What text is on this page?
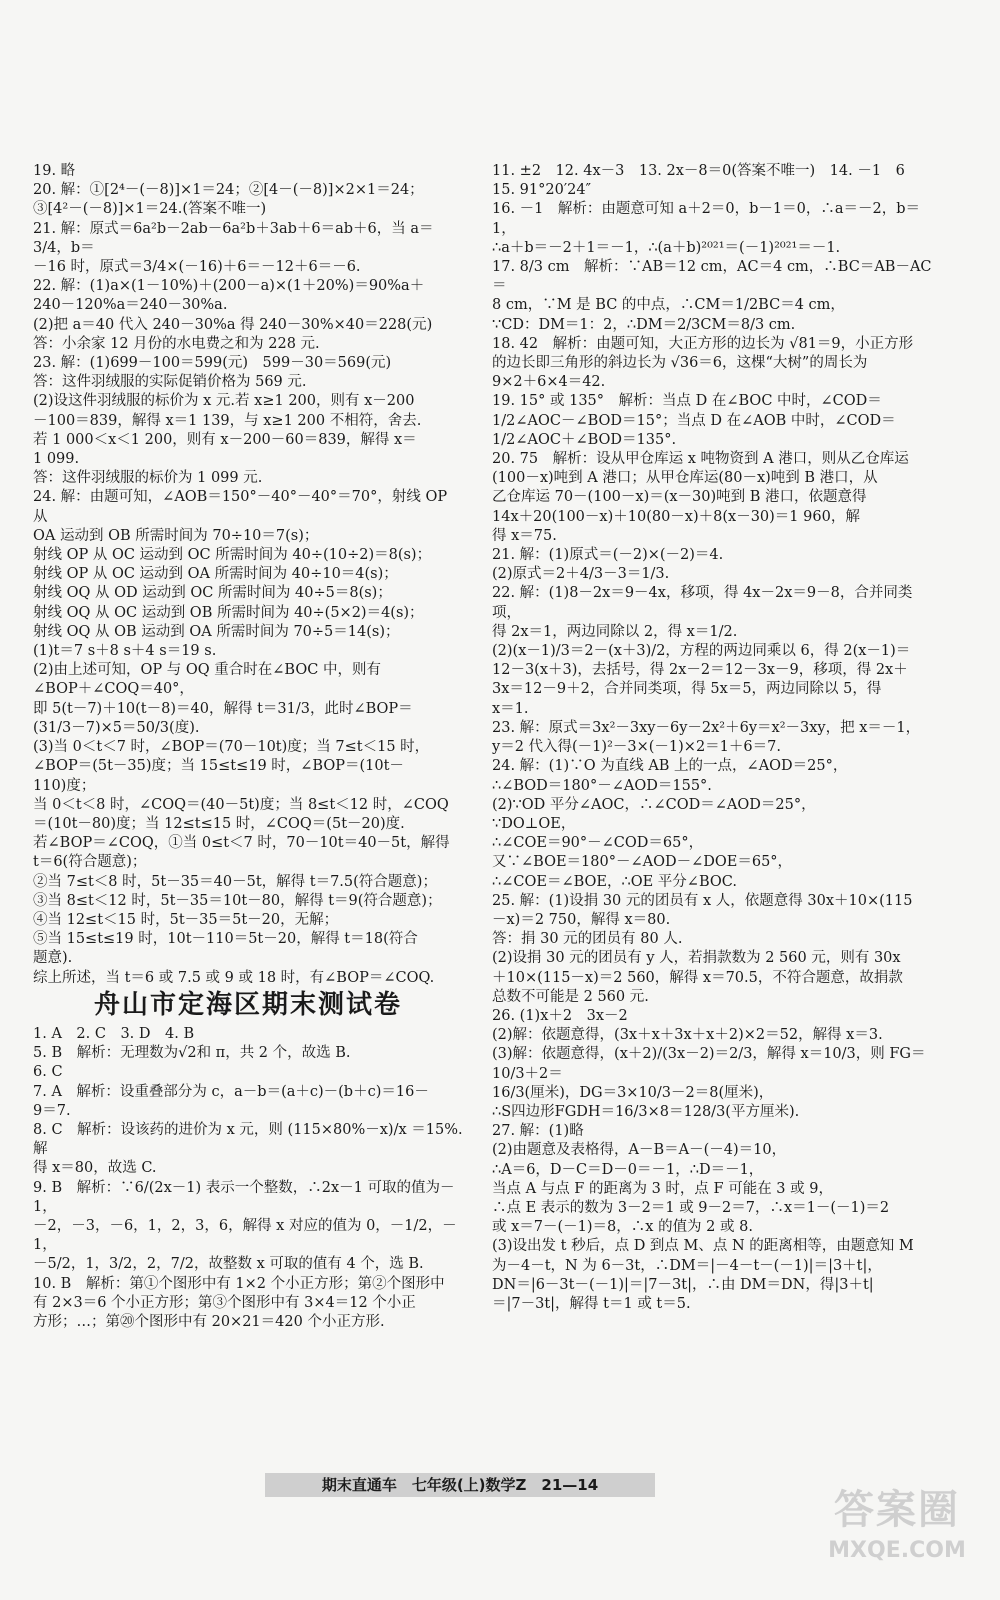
19. 略
20. 解：①[2⁴－(－8)]×1＝24；②[4－(－8)]×2×1＝24；
③[4²－(－8)]×1＝24.(答案不唯一)
21. 解：原式＝6a²b－2ab－6a²b＋3ab＋6＝ab＋6，当 a＝3/4，b＝
－16 时，原式＝3/4×(－16)＋6＝－12＋6＝－6.
22. 解：(1)a×(1－10%)＋(200－a)×(1＋20%)＝90%a＋
240－120%a＝240－30%a.
(2)把 a＝40 代入 240－30%a 得 240－30%×40＝228(元)
答：小余家 12 月份的水电费之和为 228 元.
23. 解：(1)699－100＝599(元)　599－30＝569(元)
答：这件羽绒服的实际促销价格为 569 元.
(2)设这件羽绒服的标价为 x 元.若 x≥1 200，则有 x－200
－100＝839，解得 x＝1 139，与 x≥1 200 不相符，舍去.
若 1 000＜x＜1 200，则有 x－200－60＝839，解得 x＝
1 099.
答：这件羽绒服的标价为 1 099 元.
24. 解：由题可知，∠AOB＝150°－40°－40°＝70°，射线 OP 从
OA 运动到 OB 所需时间为 70÷10＝7(s)；
射线 OP 从 OC 运动到 OC 所需时间为 40÷(10÷2)＝8(s)；
射线 OP 从 OC 运动到 OA 所需时间为 40÷10＝4(s)；
射线 OQ 从 OD 运动到 OC 所需时间为 40÷5＝8(s)；
射线 OQ 从 OC 运动到 OB 所需时间为 40÷(5×2)＝4(s)；
射线 OQ 从 OB 运动到 OA 所需时间为 70÷5＝14(s)；
(1)t＝7 s＋8 s＋4 s＝19 s.
(2)由上述可知，OP 与 OQ 重合时在∠BOC 中，则有
∠BOP＋∠COQ＝40°，
即 5(t－7)＋10(t－8)＝40，解得 t＝31/3，此时∠BOP＝
(31/3－7)×5＝50/3(度).
(3)当 0＜t＜7 时，∠BOP＝(70－10t)度；当 7≤t＜15 时，
∠BOP＝(5t－35)度；当 15≤t≤19 时，∠BOP＝(10t－
110)度；
当 0＜t＜8 时，∠COQ＝(40－5t)度；当 8≤t＜12 时，∠COQ
＝(10t－80)度；当 12≤t≤15 时，∠COQ＝(5t－20)度.
若∠BOP＝∠COQ，①当 0≤t＜7 时，70－10t＝40－5t，解得
t＝6(符合题意)；
②当 7≤t＜8 时，5t－35＝40－5t，解得 t＝7.5(符合题意)；
③当 8≤t＜12 时，5t－35＝10t－80，解得 t＝9(符合题意)；
④当 12≤t＜15 时，5t－35＝5t－20，无解；
⑤当 15≤t≤19 时，10t－110＝5t－20，解得 t＝18(符合
题意).
综上所述，当 t＝6 或 7.5 或 9 或 18 时，有∠BOP＝∠COQ.
舟山市定海区期末测试卷
1. A　2. C　3. D　4. B
5. B　解析：无理数为√2和 π，共 2 个，故选 B.
6. C
7. A　解析：设重叠部分为 c，a－b＝(a＋c)－(b＋c)＝16－
9＝7.
8. C　解析：设该药的进价为 x 元，则 (115×80%－x)/x ＝15%. 解
得 x＝80，故选 C.
9. B　解析：∵6/(2x－1) 表示一个整数，∴2x－1 可取的值为－1，
－2，－3，－6，1，2，3，6，解得 x 对应的值为 0，－1/2，－1，
－5/2，1，3/2，2，7/2，故整数 x 可取的值有 4 个，选 B.
10. B　解析：第①个图形中有 1×2 个小正方形；第②个图形中
有 2×3＝6 个小正方形；第③个图形中有 3×4＝12 个小正
方形；…；第⑳个图形中有 20×21＝420 个小正方形.
11. ±2　12. 4x－3　13. 2x－8＝0(答案不唯一)　14. －1　6
15. 91°20′24″
16. －1　解析：由题意可知 a＋2＝0，b－1＝0，∴a＝－2，b＝1，
∴a＋b＝－2＋1＝－1，∴(a＋b)²⁰²¹＝(－1)²⁰²¹＝－1.
17. 8/3 cm　解析：∵AB＝12 cm，AC＝4 cm，∴BC＝AB－AC＝
8 cm，∵M 是 BC 的中点，∴CM＝1/2BC＝4 cm，
∵CD：DM＝1：2，∴DM＝2/3CM＝8/3 cm.
18. 42　解析：由题可知，大正方形的边长为 √81＝9，小正方形
的边长即三角形的斜边长为 √36＝6，这棵“大树”的周长为
9×2＋6×4＝42.
19. 15° 或 135°　解析：当点 D 在∠BOC 中时，∠COD＝
1/2∠AOC－∠BOD＝15°；当点 D 在∠AOB 中时，∠COD＝
1/2∠AOC＋∠BOD＝135°.
20. 75　解析：设从甲仓库运 x 吨物资到 A 港口，则从乙仓库运
(100－x)吨到 A 港口；从甲仓库运(80－x)吨到 B 港口，从
乙仓库运 70－(100－x)＝(x－30)吨到 B 港口，依题意得
14x＋20(100－x)＋10(80－x)＋8(x－30)＝1 960，解
得 x＝75.
21. 解：(1)原式＝(－2)×(－2)＝4.
(2)原式＝2＋4/3－3＝1/3.
22. 解：(1)8－2x＝9－4x，移项，得 4x－2x＝9－8，合并同类项，
得 2x＝1，两边同除以 2，得 x＝1/2.
(2)(x－1)/3＝2－(x＋3)/2，方程的两边同乘以 6，得 2(x－1)＝
12－3(x＋3)，去括号，得 2x－2＝12－3x－9，移项，得 2x＋
3x＝12－9＋2，合并同类项，得 5x＝5，两边同除以 5，得
x＝1.
23. 解：原式＝3x²－3xy－6y－2x²＋6y＝x²－3xy，把 x＝－1，
y＝2 代入得(－1)²－3×(－1)×2＝1＋6＝7.
24. 解：(1)∵O 为直线 AB 上的一点，∠AOD＝25°，
∴∠BOD＝180°－∠AOD＝155°.
(2)∵OD 平分∠AOC，∴∠COD＝∠AOD＝25°，
∵DO⊥OE，
∴∠COE＝90°－∠COD＝65°，
又∵∠BOE＝180°－∠AOD－∠DOE＝65°，
∴∠COE＝∠BOE，∴OE 平分∠BOC.
25. 解：(1)设捐 30 元的团员有 x 人，依题意得 30x＋10×(115
－x)＝2 750，解得 x＝80.
答：捐 30 元的团员有 80 人.
(2)设捐 30 元的团员有 y 人，若捐款数为 2 560 元，则有 30x
＋10×(115－x)＝2 560，解得 x＝70.5，不符合题意，故捐款
总数不可能是 2 560 元.
26. (1)x＋2　3x－2
(2)解：依题意得，(3x＋x＋3x＋x＋2)×2＝52，解得 x＝3.
(3)解：依题意得，(x＋2)/(3x－2)＝2/3，解得 x＝10/3，则 FG＝10/3＋2＝
16/3(厘米)，DG＝3×10/3－2＝8(厘米)，
∴S四边形FGDH＝16/3×8＝128/3(平方厘米).
27. 解：(1)略
(2)由题意及表格得，A－B＝A－(－4)＝10，
∴A＝6，D－C＝D－0＝－1，∴D＝－1，
当点 A 与点 F 的距离为 3 时，点 F 可能在 3 或 9，
∴点 E 表示的数为 3－2＝1 或 9－2＝7，∴x＝1－(－1)＝2
或 x＝7－(－1)＝8，∴x 的值为 2 或 8.
(3)设出发 t 秒后，点 D 到点 M、点 N 的距离相等，由题意知 M
为－4－t，N 为 6－3t，∴DM＝|－4－t－(－1)|＝|3＋t|，
DN＝|6－3t－(－1)|＝|7－3t|，∴由 DM＝DN，得|3＋t|
＝|7－3t|，解得 t＝1 或 t＝5.
期末直通车　七年级(上)数学Z　21—14
答案圈
MXQE.COM
